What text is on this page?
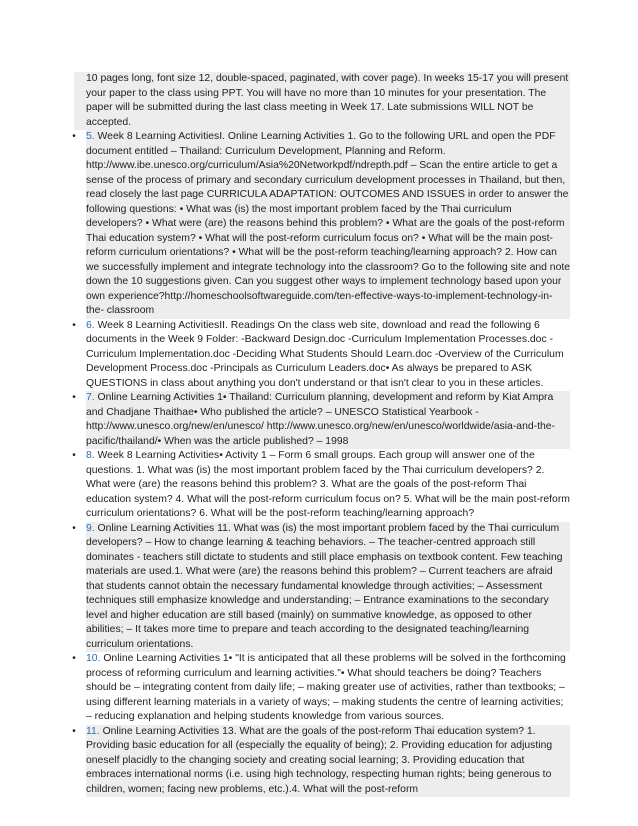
10 pages long, font size 12, double-spaced, paginated, with cover page). In weeks 15-17 you will present your paper to the class using PPT. You will have no more than 10 minutes for your presentation. The paper will be submitted during the last class meeting in Week 17. Late submissions WILL NOT be accepted.

• 5. Week 8 Learning ActivitiesI. Online Learning Activities 1. Go to the following URL and open the PDF document entitled – Thailand: Curriculum Development, Planning and Reform. http://www.ibe.unesco.org/curriculum/Asia%20Networkpdf/ndrepth.pdf – Scan the entire article to get a sense of the process of primary and secondary curriculum development processes in Thailand, but then, read closely the last page CURRICULA ADAPTATION: OUTCOMES AND ISSUES in order to answer the following questions: • What was (is) the most important problem faced by the Thai curriculum developers? • What were (are) the reasons behind this problem? • What are the goals of the post-reform Thai education system? • What will the post-reform curriculum focus on? • What will be the main post-reform curriculum orientations? • What will be the post-reform teaching/learning approach? 2. How can we successfully implement and integrate technology into the classroom? Go to the following site and note down the 10 suggestions given. Can you suggest other ways to implement technology based upon your own experience?http://homeschoolsoftwareguide.com/ten-effective-ways-to-implement-technology-in-the- classroom
• 6. Week 8 Learning ActivitiesII. Readings On the class web site, download and read the following 6 documents in the Week 9 Folder: -Backward Design.doc -Curriculum Implementation Processes.doc -Curriculum Implementation.doc -Deciding What Students Should Learn.doc -Overview of the Curriculum Development Process.doc -Principals as Curriculum Leaders.doc• As always be prepared to ASK QUESTIONS in class about anything you don't understand or that isn't clear to you in these articles.
• 7. Online Learning Activities 1• Thailand: Curriculum planning, development and reform by Kiat Ampra and Chadjane Thaithae• Who published the article? – UNESCO Statistical Yearbook - http://www.unesco.org/new/en/unesco/ http://www.unesco.org/new/en/unesco/worldwide/asia-and-the- pacific/thailand/• When was the article published? – 1998
• 8. Week 8 Learning Activities• Activity 1 – Form 6 small groups. Each group will answer one of the questions. 1. What was (is) the most important problem faced by the Thai curriculum developers? 2. What were (are) the reasons behind this problem? 3. What are the goals of the post-reform Thai education system? 4. What will the post-reform curriculum focus on? 5. What will be the main post-reform curriculum orientations? 6. What will be the post-reform teaching/learning approach?
• 9. Online Learning Activities 11. What was (is) the most important problem faced by the Thai curriculum developers? – How to change learning & teaching behaviors. – The teacher-centred approach still dominates - teachers still dictate to students and still place emphasis on textbook content. Few teaching materials are used.1. What were (are) the reasons behind this problem? – Current teachers are afraid that students cannot obtain the necessary fundamental knowledge through activities; – Assessment techniques still emphasize knowledge and understanding; – Entrance examinations to the secondary level and higher education are still based (mainly) on summative knowledge, as opposed to other abilities; – It takes more time to prepare and teach according to the designated teaching/learning curriculum orientations.
• 10. Online Learning Activities 1• "It is anticipated that all these problems will be solved in the forthcoming process of reforming curriculum and learning activities."• What should teachers be doing? Teachers should be – integrating content from daily life; – making greater use of activities, rather than textbooks; – using different learning materials in a variety of ways; – making students the centre of learning activities; – reducing explanation and helping students knowledge from various sources.
• 11. Online Learning Activities 13. What are the goals of the post-reform Thai education system? 1. Providing basic education for all (especially the equality of being); 2. Providing education for adjusting oneself placidly to the changing society and creating social learning; 3. Providing education that embraces international norms (i.e. using high technology, respecting human rights; being generous to children, women; facing new problems, etc.).4. What will the post-reform
